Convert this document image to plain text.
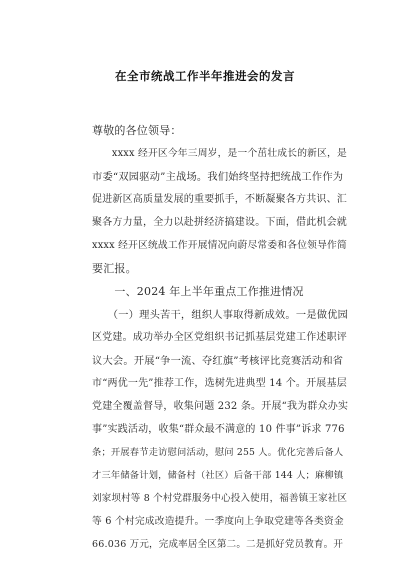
在全市统战工作半年推进会的发言
尊敬的各位领导：
　　xxxx 经开区今年三周岁，是一个茁壮成长的新区，是
市委“双园驱动”主战场。我们始终坚持把统战工作作为
促进新区高质量发展的重要抓手，不断凝聚各方共识、汇
聚各方力量，全力以赴拼经济搞建设。下面，借此机会就
xxxx 经开区统战工作开展情况向蔚尽常委和各位领导作简
要汇报。
　　一、2024 年上半年重点工作推进情况
　　（一）理头苦干，组织人事取得新成效。一是做优园
区党建。成功举办全区党组织书记抓基层党建工作述职评
议大会。开展“争一流、夺红旗”考核评比竞赛活动和省
市“两优一先”推荐工作，选树先进典型 14 个。开展基层
党建全覆盖督导，收集问题 232 条。开展“我为群众办实
事”实践活动，收集“群众最不满意的 10 件事”诉求 776
条；开展春节走访慰问活动，慰问 255 人。优化完善后备人
才三年储备计划，储备村（社区）后备干部 144 人；麻柳镇
刘家坝村等 8 个村党群服务中心投入使用，福善镇王家社区
等 6 个村完成改造提升。一季度向上争取党建等各类资金
66.036 万元，完成率居全区第二。二是抓好党员教育。开
